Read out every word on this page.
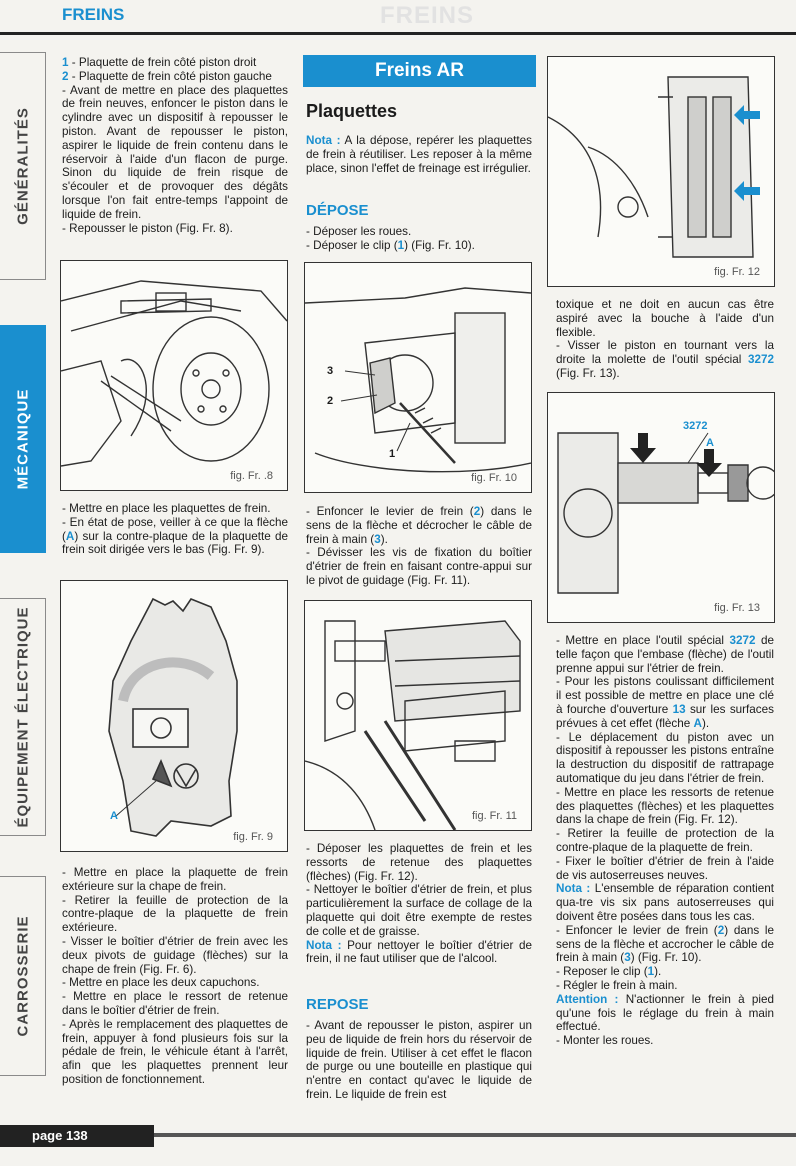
FREINS	FREINS
GÉNÉRALITÉS
MÉCANIQUE
ÉQUIPEMENT ÉLECTRIQUE
CARROSSERIE

1 - Plaquette de frein côté piston droit

2 - Plaquette de frein côté piston gauche

- Avant de mettre en place des plaquettes de frein neuves, enfoncer le piston dans le cylindre avec un dispositif à repousser le piston. Avant de repousser le piston, aspirer le liquide de frein contenu dans le réservoir à l'aide d'un flacon de purge. Sinon du liquide de frein risque de s'écouler et de provoquer des dégâts lorsque l'on fait entre-temps l'appoint de liquide de frein.

- Repousser le piston (Fig. Fr. 8).

fig. Fr. .8

- Mettre en place les plaquettes de frein.

- En état de pose, veiller à ce que la flèche (A) sur la contre-plaque de la plaquette de frein soit dirigée vers le bas (Fig. Fr. 9).

A
fig. Fr. 9

- Mettre en place la plaquette de frein extérieure sur la chape de frein.

- Retirer la feuille de protection de la contre-plaque de la plaquette de frein extérieure.

- Visser le boîtier d'étrier de frein avec les deux pivots de guidage (flèches) sur la chape de frein (Fig. Fr. 6).

- Mettre en place les deux capuchons.

- Mettre en place le ressort de retenue dans le boîtier d'étrier de frein.

- Après le remplacement des plaquettes de frein, appuyer à fond plusieurs fois sur la pédale de frein, le véhicule étant à l'arrêt, afin que les plaquettes prennent leur position de fonctionnement.

Freins AR
Plaquettes

Nota : A la dépose, repérer les plaquettes de frein à réutiliser. Les reposer à la même place, sinon l'effet de freinage est irrégulier.

DÉPOSE

- Déposer les roues.

- Déposer le clip (1) (Fig. Fr. 10).

3
2
1
fig. Fr. 10

- Enfoncer le levier de frein (2) dans le sens de la flèche et décrocher le câble de frein à main (3).

- Dévisser les vis de fixation du boîtier d'étrier de frein en faisant contre-appui sur le pivot de guidage (Fig. Fr. 11).

fig. Fr. 11

- Déposer les plaquettes de frein et les ressorts de retenue des plaquettes (flèches) (Fig. Fr. 12).

- Nettoyer le boîtier d'étrier de frein, et plus particulièrement la surface de collage de la plaquette qui doit être exempte de restes de colle et de graisse.

Nota : Pour nettoyer le boîtier d'étrier de frein, il ne faut utiliser que de l'alcool.

REPOSE

- Avant de repousser le piston, aspirer un peu de liquide de frein hors du réservoir de liquide de frein. Utiliser à cet effet le flacon de purge ou une bouteille en plastique qui n'entre en contact qu'avec le liquide de frein. Le liquide de frein est

fig. Fr. 12

toxique et ne doit en aucun cas être aspiré avec la bouche à l'aide d'un flexible.

- Visser le piston en tournant vers la droite la molette de l'outil spécial 3272 (Fig. Fr. 13).

3272
A
fig. Fr. 13

- Mettre en place l'outil spécial 3272 de telle façon que l'embase (flèche) de l'outil prenne appui sur l'étrier de frein.

- Pour les pistons coulissant difficilement il est possible de mettre en place une clé à fourche d'ouverture 13 sur les surfaces prévues à cet effet (flèche A).

- Le déplacement du piston avec un dispositif à repousser les pistons entraîne la destruction du dispositif de rattrapage automatique du jeu dans l'étrier de frein.

- Mettre en place les ressorts de retenue des plaquettes (flèches) et les plaquettes dans la chape de frein (Fig. Fr. 12).

- Retirer la feuille de protection de la contre-plaque de la plaquette de frein.

- Fixer le boîtier d'étrier de frein à l'aide de vis autoserreuses neuves.

Nota : L'ensemble de réparation contient qua-tre vis six pans autoserreuses qui doivent être posées dans tous les cas.

- Enfoncer le levier de frein (2) dans le sens de la flèche et accrocher le câble de frein à main (3) (Fig. Fr. 10).

- Reposer le clip (1).

- Régler le frein à main.

Attention : N'actionner le frein à pied qu'une fois le réglage du frein à main effectué.

- Monter les roues.

page 138
